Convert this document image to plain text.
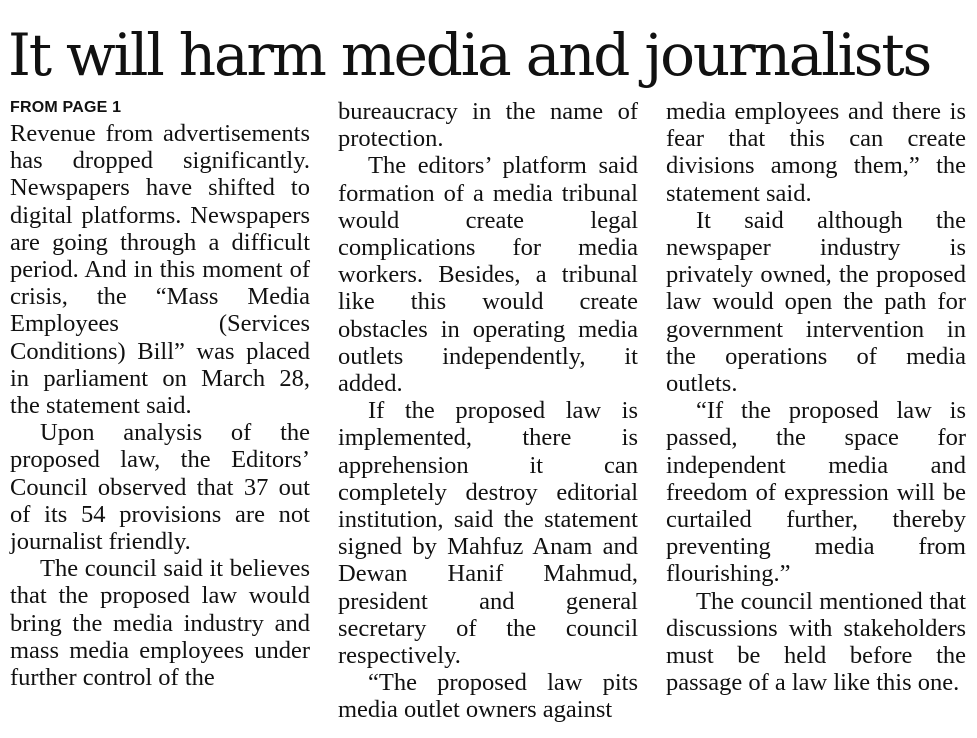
It will harm media and journalists
FROM PAGE 1

Revenue from advertisements has dropped significantly. Newspapers have shifted to digital platforms. Newspapers are going through a difficult period. And in this moment of crisis, the “Mass Media Employees (Services Conditions) Bill” was placed in parliament on March 28, the statement said.

Upon analysis of the proposed law, the Editors’ Council observed that 37 out of its 54 provisions are not journalist friendly.

The council said it believes that the proposed law would bring the media industry and mass media employees under further control of the

bureaucracy in the name of protection.

The editors’ platform said formation of a media tribunal would create legal complications for media workers. Besides, a tribunal like this would create obstacles in operating media outlets independently, it added.

If the proposed law is implemented, there is apprehension it can completely destroy editorial institution, said the statement signed by Mahfuz Anam and Dewan Hanif Mahmud, president and general secretary of the council respectively.

“The proposed law pits media outlet owners against

media employees and there is fear that this can create divisions among them,” the statement said.

It said although the newspaper industry is privately owned, the proposed law would open the path for government intervention in the operations of media outlets.

“If the proposed law is passed, the space for independent media and freedom of expression will be curtailed further, thereby preventing media from flourishing.”

The council mentioned that discussions with stakeholders must be held before the passage of a law like this one.
